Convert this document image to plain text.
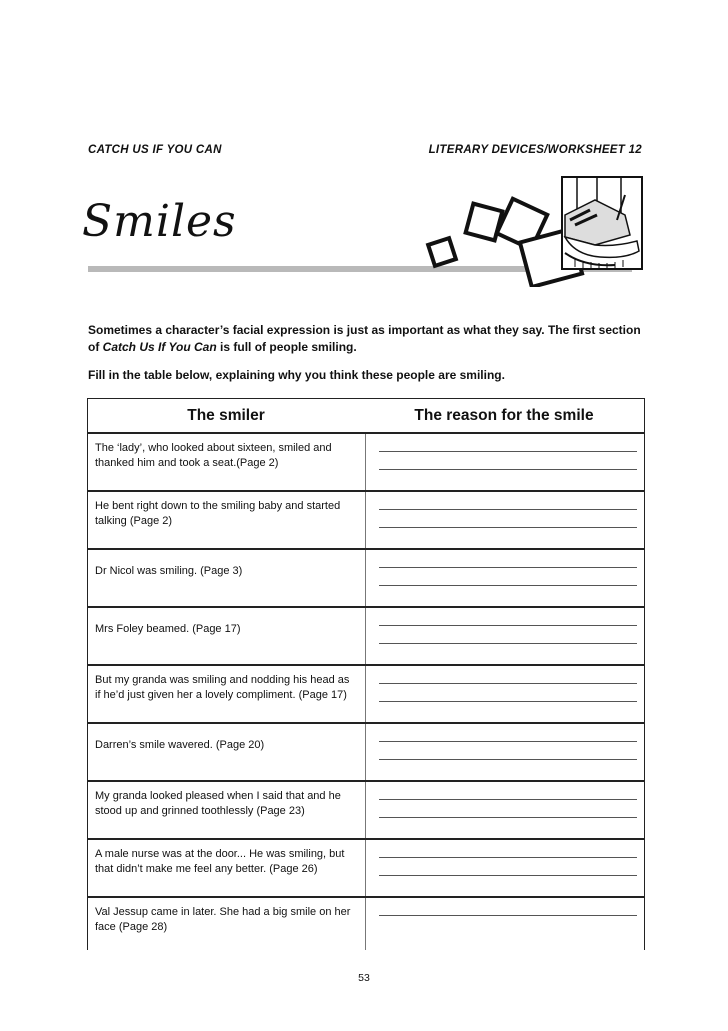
CATCH US IF YOU CAN	LITERARY DEVICES/WORKSHEET 12
Smiles
Sometimes a character’s facial expression is just as important as what they say. The first section of Catch Us If You Can is full of people smiling.
Fill in the table below, explaining why you think these people are smiling.
The smiler	The reason for the smile
The ‘lady’, who looked about sixteen, smiled and thanked him and took a seat.(Page 2)
He bent right down to the smiling baby and started talking (Page 2)
Dr Nicol was smiling. (Page 3)
Mrs Foley beamed. (Page 17)
But my granda was smiling and nodding his head as if he’d just given her a lovely compliment. (Page 17)
Darren’s smile wavered. (Page 20)
My granda looked pleased when I said that and he stood up and grinned toothlessly (Page 23)
A male nurse was at the door... He was smiling, but that didn’t make me feel any better. (Page 26)
Val Jessup came in later. She had a big smile on her face (Page 28)
53
